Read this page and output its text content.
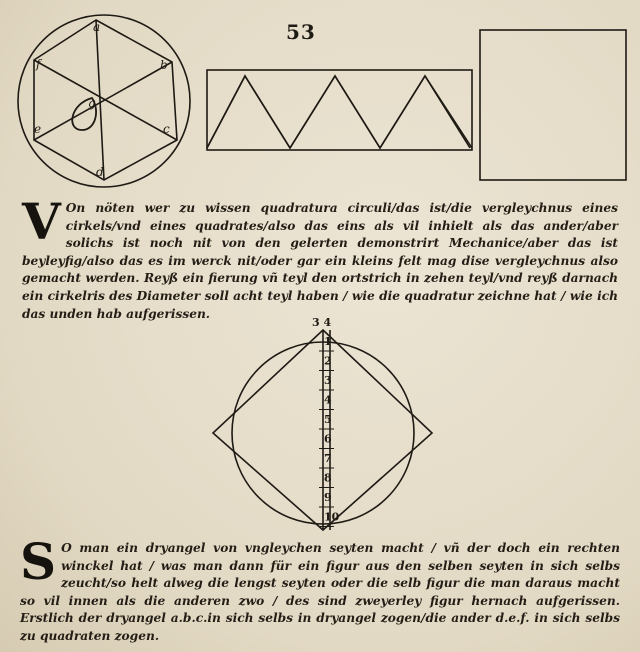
53
a
b
c
d
e
f
g
3 4
1
2
3
4
5
6
7
8
9
10
V On nöten wer zu wissen quadratura circuli/das ist/die vergleychnus eines cirkels/vnd eines quadrates/also das eins als vil inhielt als das ander/aber solichs ist noch nit von den gelerten demonstrirt Mechanice/aber das ist beyleyfig/also das es im werck nit/oder gar ein kleins felt mag dise vergleychnus also gemacht werden. Reyß ein fierung vñ teyl den ortstrich in zehen teyl/vnd reyß darnach ein cirkelris des Diameter soll acht teyl haben / wie die quadratur zeichne hat / wie ich das unden hab aufgerissen.
S O man ein dryangel von vngleychen seyten macht / vñ der doch ein rechten winckel hat / was man dann für ein figur aus den selben seyten in sich selbs zeucht/so helt alweg die lengst seyten oder die selb figur die man daraus macht so vil innen als die anderen zwo / des sind zweyerley figur hernach aufgerissen. Erstlich der dryangel a.b.c.in sich selbs in dryangel zogen/die ander d.e.f. in sich selbs zu quadraten zogen.
